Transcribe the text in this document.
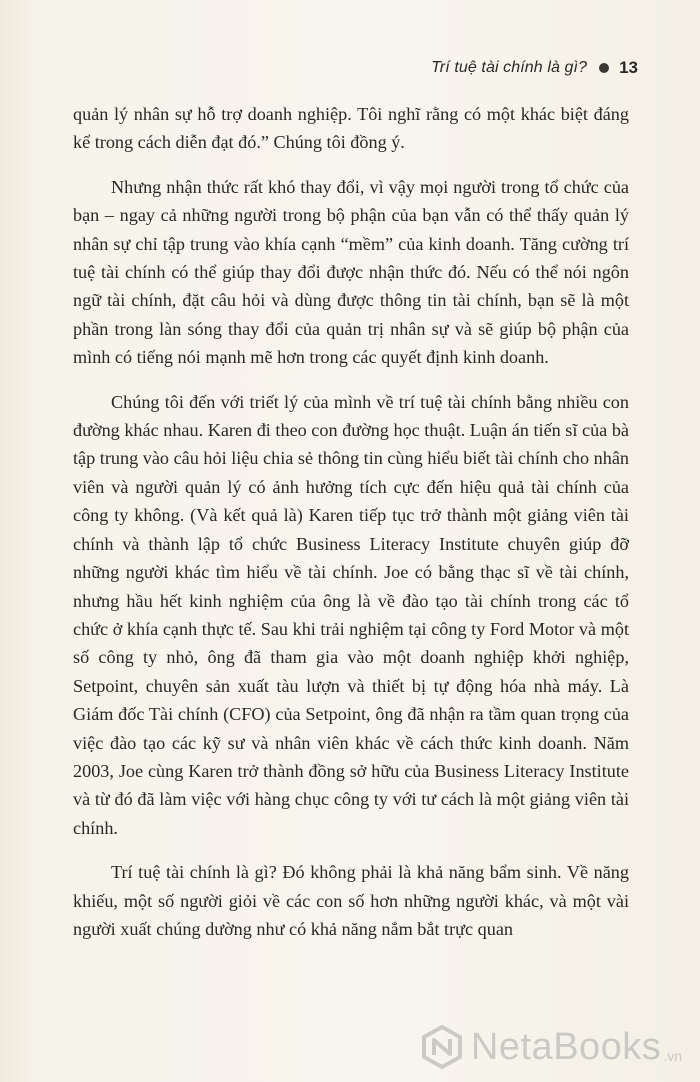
Trí tuệ tài chính là gì? 13

quản lý nhân sự hỗ trợ doanh nghiệp. Tôi nghĩ rằng có một khác biệt đáng kể trong cách diễn đạt đó.” Chúng tôi đồng ý.

Nhưng nhận thức rất khó thay đổi, vì vậy mọi người trong tổ chức của bạn – ngay cả những người trong bộ phận của bạn vẫn có thể thấy quản lý nhân sự chỉ tập trung vào khía cạnh “mềm” của kinh doanh. Tăng cường trí tuệ tài chính có thể giúp thay đổi được nhận thức đó. Nếu có thể nói ngôn ngữ tài chính, đặt câu hỏi và dùng được thông tin tài chính, bạn sẽ là một phần trong làn sóng thay đổi của quản trị nhân sự và sẽ giúp bộ phận của mình có tiếng nói mạnh mẽ hơn trong các quyết định kinh doanh.

Chúng tôi đến với triết lý của mình về trí tuệ tài chính bằng nhiều con đường khác nhau. Karen đi theo con đường học thuật. Luận án tiến sĩ của bà tập trung vào câu hỏi liệu chia sẻ thông tin cùng hiểu biết tài chính cho nhân viên và người quản lý có ảnh hưởng tích cực đến hiệu quả tài chính của công ty không. (Và kết quả là) Karen tiếp tục trở thành một giảng viên tài chính và thành lập tổ chức Business Literacy Institute chuyên giúp đỡ những người khác tìm hiểu về tài chính. Joe có bằng thạc sĩ về tài chính, nhưng hầu hết kinh nghiệm của ông là về đào tạo tài chính trong các tổ chức ở khía cạnh thực tế. Sau khi trải nghiệm tại công ty Ford Motor và một số công ty nhỏ, ông đã tham gia vào một doanh nghiệp khởi nghiệp, Setpoint, chuyên sản xuất tàu lượn và thiết bị tự động hóa nhà máy. Là Giám đốc Tài chính (CFO) của Setpoint, ông đã nhận ra tầm quan trọng của việc đào tạo các kỹ sư và nhân viên khác về cách thức kinh doanh. Năm 2003, Joe cùng Karen trở thành đồng sở hữu của Business Literacy Institute và từ đó đã làm việc với hàng chục công ty với tư cách là một giảng viên tài chính.

Trí tuệ tài chính là gì? Đó không phải là khả năng bẩm sinh. Về năng khiếu, một số người giỏi về các con số hơn những người khác, và một vài người xuất chúng dường như có khả năng nắm bắt trực quan

NetaBooks .vn
